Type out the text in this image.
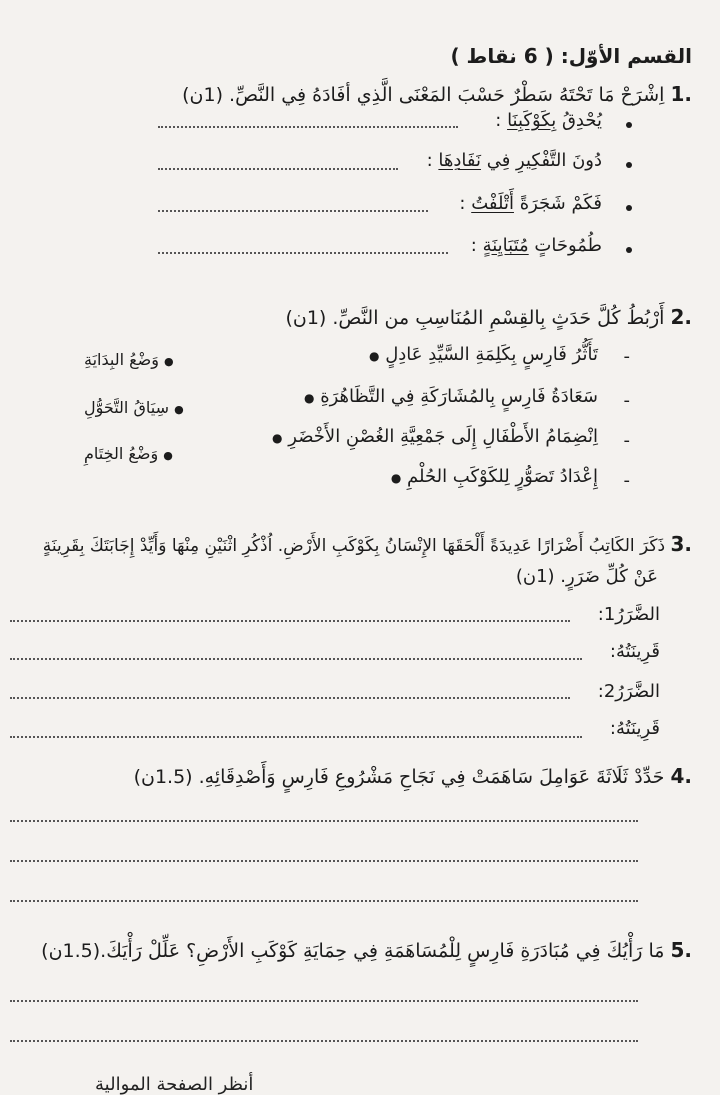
القسم الأوّل: ( 6 نقاط )
.1 اِشْرَحْ مَا تَحْتَهُ سَطْرٌ حَسْبَ المَعْنَى الَّذِي أفَادَهُ فِي النَّصِّ. (1ن)
يُحْدِقُ بِكَوْكَبِنَا :
دُونَ التَّفْكِيرِ فِي نَفَادِهَا :
فَكَمْ شَجَرَةً أَتْلَفْتُ :
طُمُوحَاتٍ مُتَبَايِنَةٍ :
.2 أَرْبُطُ كُلَّ حَدَثٍ بِالقِسْمِ المُنَاسِبِ من النَّصِّ. (1ن)
-
تَأَثُّرُ فَارِسٍ بِكَلِمَةِ السَّيِّدِ عَادِلٍ ●
-
سَعَادَةُ فَارِسٍ بِالمُشَارَكَةِ فِي التَّظَاهُرَةِ ●
-
اِنْضِمَامُ الأَطْفَالِ إِلَى جَمْعِيَّةِ الغُصْنِ الأَخْضَرِ ●
-
إِعْدَادُ تَصَوُّرٍ لِلكَوْكَبِ الحُلْمِ ●
● وَضْعُ البِدَايَةِ
● سِيَاقُ التَّحَوُّلِ
● وَضْعُ الخِتَامِ
.3 ذَكَرَ الكَاتِبُ أَضْرَارًا عَدِيدَةً أَلْحَقَهَا الإِنْسَانُ بِكَوْكَبِ الأَرْضِ. اُذْكُرِ اثْنَيْنِ مِنْهَا وَأَيِّدْ إِجَابَتَكَ بِقَرِينَةٍ
عَنْ كُلِّ ضَرَرٍ. (1ن)
الضَّرَرُ1:
قَرِينَتُهُ:
الضَّرَرُ2:
قَرِينَتُهُ:
.4 حَدِّدْ ثَلَاثَةَ عَوَامِلَ سَاهَمَتْ فِي نَجَاحِ مَشْرُوعِ فَارِسٍ وَأَصْدِقَائِهِ. (1.5ن)
.5 مَا رَأْيُكَ فِي مُبَادَرَةِ فَارِسٍ لِلْمُسَاهَمَةِ فِي حِمَايَةِ كَوْكَبِ الأَرْضِ؟ عَلِّلْ رَأْيَكَ.(1.5ن)
أنظر الصفحة الموالية
